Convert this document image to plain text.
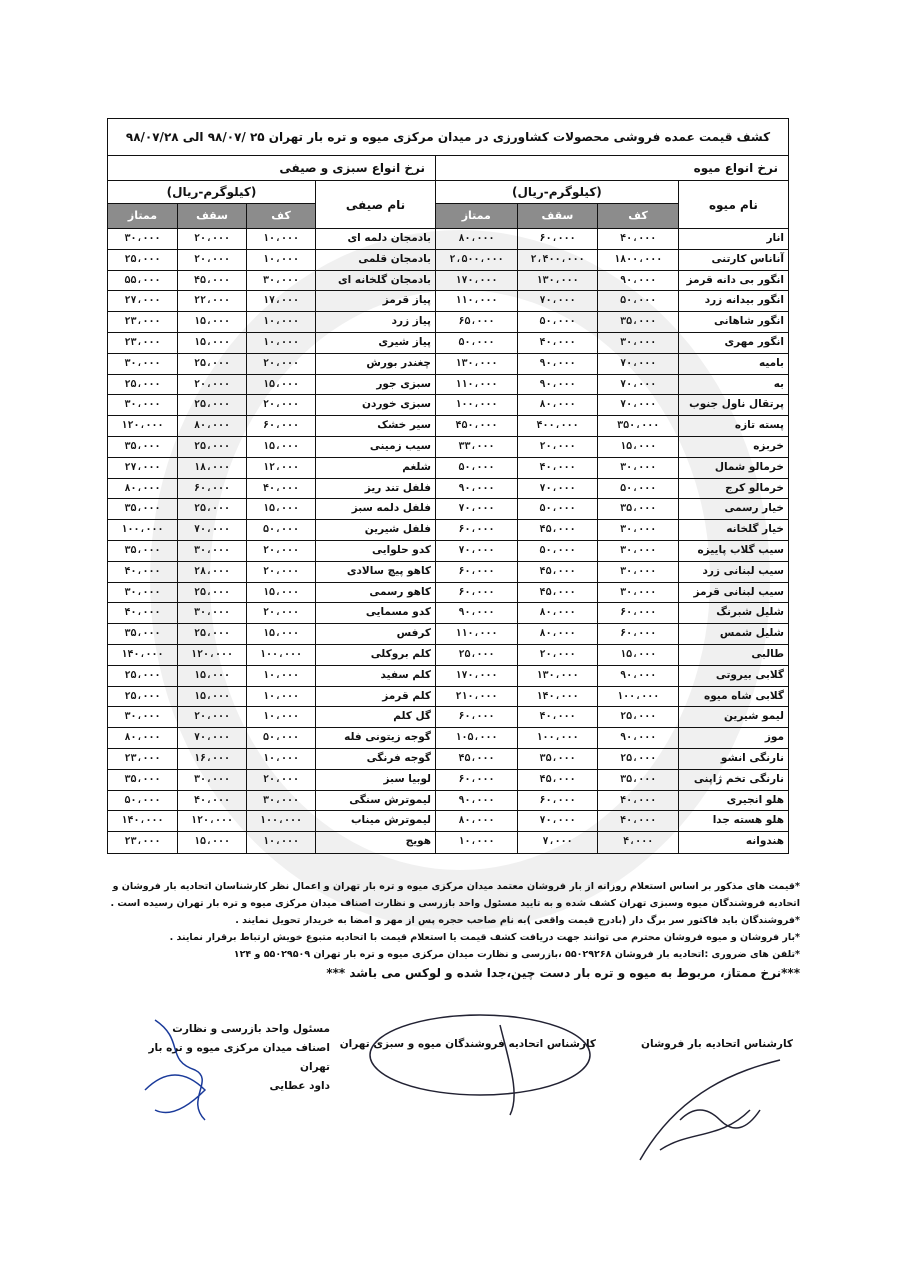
کشف قیمت عمده فروشی محصولات کشاورزی در میدان مرکزی میوه و تره بار تهران ۲۵ /۹۸/۰۷ الی ۹۸/۰۷/۲۸
نرخ انواع میوه
نام میوه
(کیلوگرم-ریال)
کف
سقف
ممتاز
انار
۴۰،۰۰۰
۶۰،۰۰۰
۸۰،۰۰۰
آناناس کارتنی
۱۸۰۰،۰۰۰
۲،۴۰۰،۰۰۰
۲،۵۰۰،۰۰۰
انگور بی دانه قرمز
۹۰،۰۰۰
۱۳۰،۰۰۰
۱۷۰،۰۰۰
انگور بیدانه زرد
۵۰،۰۰۰
۷۰،۰۰۰
۱۱۰،۰۰۰
انگور شاهانی
۳۵،۰۰۰
۵۰،۰۰۰
۶۵،۰۰۰
انگور مهری
۳۰،۰۰۰
۴۰،۰۰۰
۵۰،۰۰۰
بامیه
۷۰،۰۰۰
۹۰،۰۰۰
۱۳۰،۰۰۰
به
۷۰،۰۰۰
۹۰،۰۰۰
۱۱۰،۰۰۰
پرتقال ناول جنوب
۷۰،۰۰۰
۸۰،۰۰۰
۱۰۰،۰۰۰
پسته تازه
۳۵۰،۰۰۰
۴۰۰،۰۰۰
۴۵۰،۰۰۰
خربزه
۱۵،۰۰۰
۲۰،۰۰۰
۳۳،۰۰۰
خرمالو شمال
۳۰،۰۰۰
۴۰،۰۰۰
۵۰،۰۰۰
خرمالو کرج
۵۰،۰۰۰
۷۰،۰۰۰
۹۰،۰۰۰
خیار رسمی
۳۵،۰۰۰
۵۰،۰۰۰
۷۰،۰۰۰
خیار گلخانه
۳۰،۰۰۰
۴۵،۰۰۰
۶۰،۰۰۰
سیب گلاب پاییزه
۳۰،۰۰۰
۵۰،۰۰۰
۷۰،۰۰۰
سیب لبنانی زرد
۳۰،۰۰۰
۴۵،۰۰۰
۶۰،۰۰۰
سیب لبنانی قرمز
۳۰،۰۰۰
۴۵،۰۰۰
۶۰،۰۰۰
شلیل شبرنگ
۶۰،۰۰۰
۸۰،۰۰۰
۹۰،۰۰۰
شلیل شمس
۶۰،۰۰۰
۸۰،۰۰۰
۱۱۰،۰۰۰
طالبی
۱۵،۰۰۰
۲۰،۰۰۰
۲۵،۰۰۰
گلابی بیروتی
۹۰،۰۰۰
۱۳۰،۰۰۰
۱۷۰،۰۰۰
گلابی شاه میوه
۱۰۰،۰۰۰
۱۴۰،۰۰۰
۲۱۰،۰۰۰
لیمو شیرین
۲۵،۰۰۰
۴۰،۰۰۰
۶۰،۰۰۰
موز
۹۰،۰۰۰
۱۰۰،۰۰۰
۱۰۵،۰۰۰
نارنگی انشو
۲۵،۰۰۰
۳۵،۰۰۰
۴۵،۰۰۰
نارنگی تخم ژاپنی
۳۵،۰۰۰
۴۵،۰۰۰
۶۰،۰۰۰
هلو انجیری
۴۰،۰۰۰
۶۰،۰۰۰
۹۰،۰۰۰
هلو هسته جدا
۴۰،۰۰۰
۷۰،۰۰۰
۸۰،۰۰۰
هندوانه
۴،۰۰۰
۷،۰۰۰
۱۰،۰۰۰
نرخ انواع سبزی و صیفی
نام صیفی
(کیلوگرم-ریال)
کف
سقف
ممتاز
بادمجان دلمه ای
۱۰،۰۰۰
۲۰،۰۰۰
۳۰،۰۰۰
بادمجان قلمی
۱۰،۰۰۰
۲۰،۰۰۰
۲۵،۰۰۰
بادمجان گلخانه ای
۳۰،۰۰۰
۴۵،۰۰۰
۵۵،۰۰۰
پیاز قرمز
۱۷،۰۰۰
۲۲،۰۰۰
۲۷،۰۰۰
پیاز زرد
۱۰،۰۰۰
۱۵،۰۰۰
۲۳،۰۰۰
پیاز شیری
۱۰،۰۰۰
۱۵،۰۰۰
۲۳،۰۰۰
چغندر بورش
۲۰،۰۰۰
۲۵،۰۰۰
۳۰،۰۰۰
سبزی جور
۱۵،۰۰۰
۲۰،۰۰۰
۲۵،۰۰۰
سبزی خوردن
۲۰،۰۰۰
۲۵،۰۰۰
۳۰،۰۰۰
سیر خشک
۶۰،۰۰۰
۸۰،۰۰۰
۱۲۰،۰۰۰
سیب زمینی
۱۵،۰۰۰
۲۵،۰۰۰
۳۵،۰۰۰
شلغم
۱۲،۰۰۰
۱۸،۰۰۰
۲۷،۰۰۰
فلفل تند ریز
۴۰،۰۰۰
۶۰،۰۰۰
۸۰،۰۰۰
فلفل دلمه سبز
۱۵،۰۰۰
۲۵،۰۰۰
۳۵،۰۰۰
فلفل شیرین
۵۰،۰۰۰
۷۰،۰۰۰
۱۰۰،۰۰۰
کدو حلوایی
۲۰،۰۰۰
۳۰،۰۰۰
۳۵،۰۰۰
کاهو پیچ سالادی
۲۰،۰۰۰
۲۸،۰۰۰
۴۰،۰۰۰
کاهو رسمی
۱۵،۰۰۰
۲۵،۰۰۰
۳۰،۰۰۰
کدو مسمایی
۲۰،۰۰۰
۳۰،۰۰۰
۴۰،۰۰۰
کرفس
۱۵،۰۰۰
۲۵،۰۰۰
۳۵،۰۰۰
کلم بروکلی
۱۰۰،۰۰۰
۱۲۰،۰۰۰
۱۴۰،۰۰۰
کلم سفید
۱۰،۰۰۰
۱۵،۰۰۰
۲۵،۰۰۰
کلم قرمز
۱۰،۰۰۰
۱۵،۰۰۰
۲۵،۰۰۰
گل کلم
۱۰،۰۰۰
۲۰،۰۰۰
۳۰،۰۰۰
گوجه زیتونی فله
۵۰،۰۰۰
۷۰،۰۰۰
۸۰،۰۰۰
گوجه فرنگی
۱۰،۰۰۰
۱۶،۰۰۰
۲۳،۰۰۰
لوبیا سبز
۲۰،۰۰۰
۳۰،۰۰۰
۳۵،۰۰۰
لیموترش سنگی
۳۰،۰۰۰
۴۰،۰۰۰
۵۰،۰۰۰
لیموترش میناب
۱۰۰،۰۰۰
۱۲۰،۰۰۰
۱۴۰،۰۰۰
هویج
۱۰،۰۰۰
۱۵،۰۰۰
۲۳،۰۰۰
*قیمت های مذکور بر اساس استعلام روزانه از بار فروشان معتمد میدان مرکزی میوه و تره بار تهران و اعمال نظر کارشناسان اتحادیه بار فروشان و
اتحادیه فروشندگان میوه وسبزی تهران کشف شده و به تایید مسئول واحد بازرسی و نظارت اصناف میدان مرکزی میوه و تره بار تهران رسیده است .
*فروشندگان باید فاکتور سر برگ دار (بادرج قیمت واقعی )به نام صاحب حجره پس از مهر و امضا به خریدار تحویل نمایند .
*بار فروشان و میوه فروشان محترم می توانند جهت دریافت کشف قیمت یا استعلام قیمت با اتحادیه متبوع خویش ارتباط برقرار نمایند .
*تلفن های ضروری :اتحادیه بار فروشان ۵۵۰۲۹۲۶۸ ،بازرسی و نظارت میدان مرکزی میوه و تره بار تهران ۵۵۰۲۹۵۰۹ و ۱۲۴
***نرخ ممتاز، مربوط به میوه و تره بار دست چین،جدا شده و لوکس می باشد ***
کارشناس اتحادیه بار فروشان
کارشناس اتحادیه فروشندگان میوه و سبزی تهران
مسئول واحد بازرسی و نظارت
اصناف میدان مرکزی میوه و تره بار تهران
داود عطایی
